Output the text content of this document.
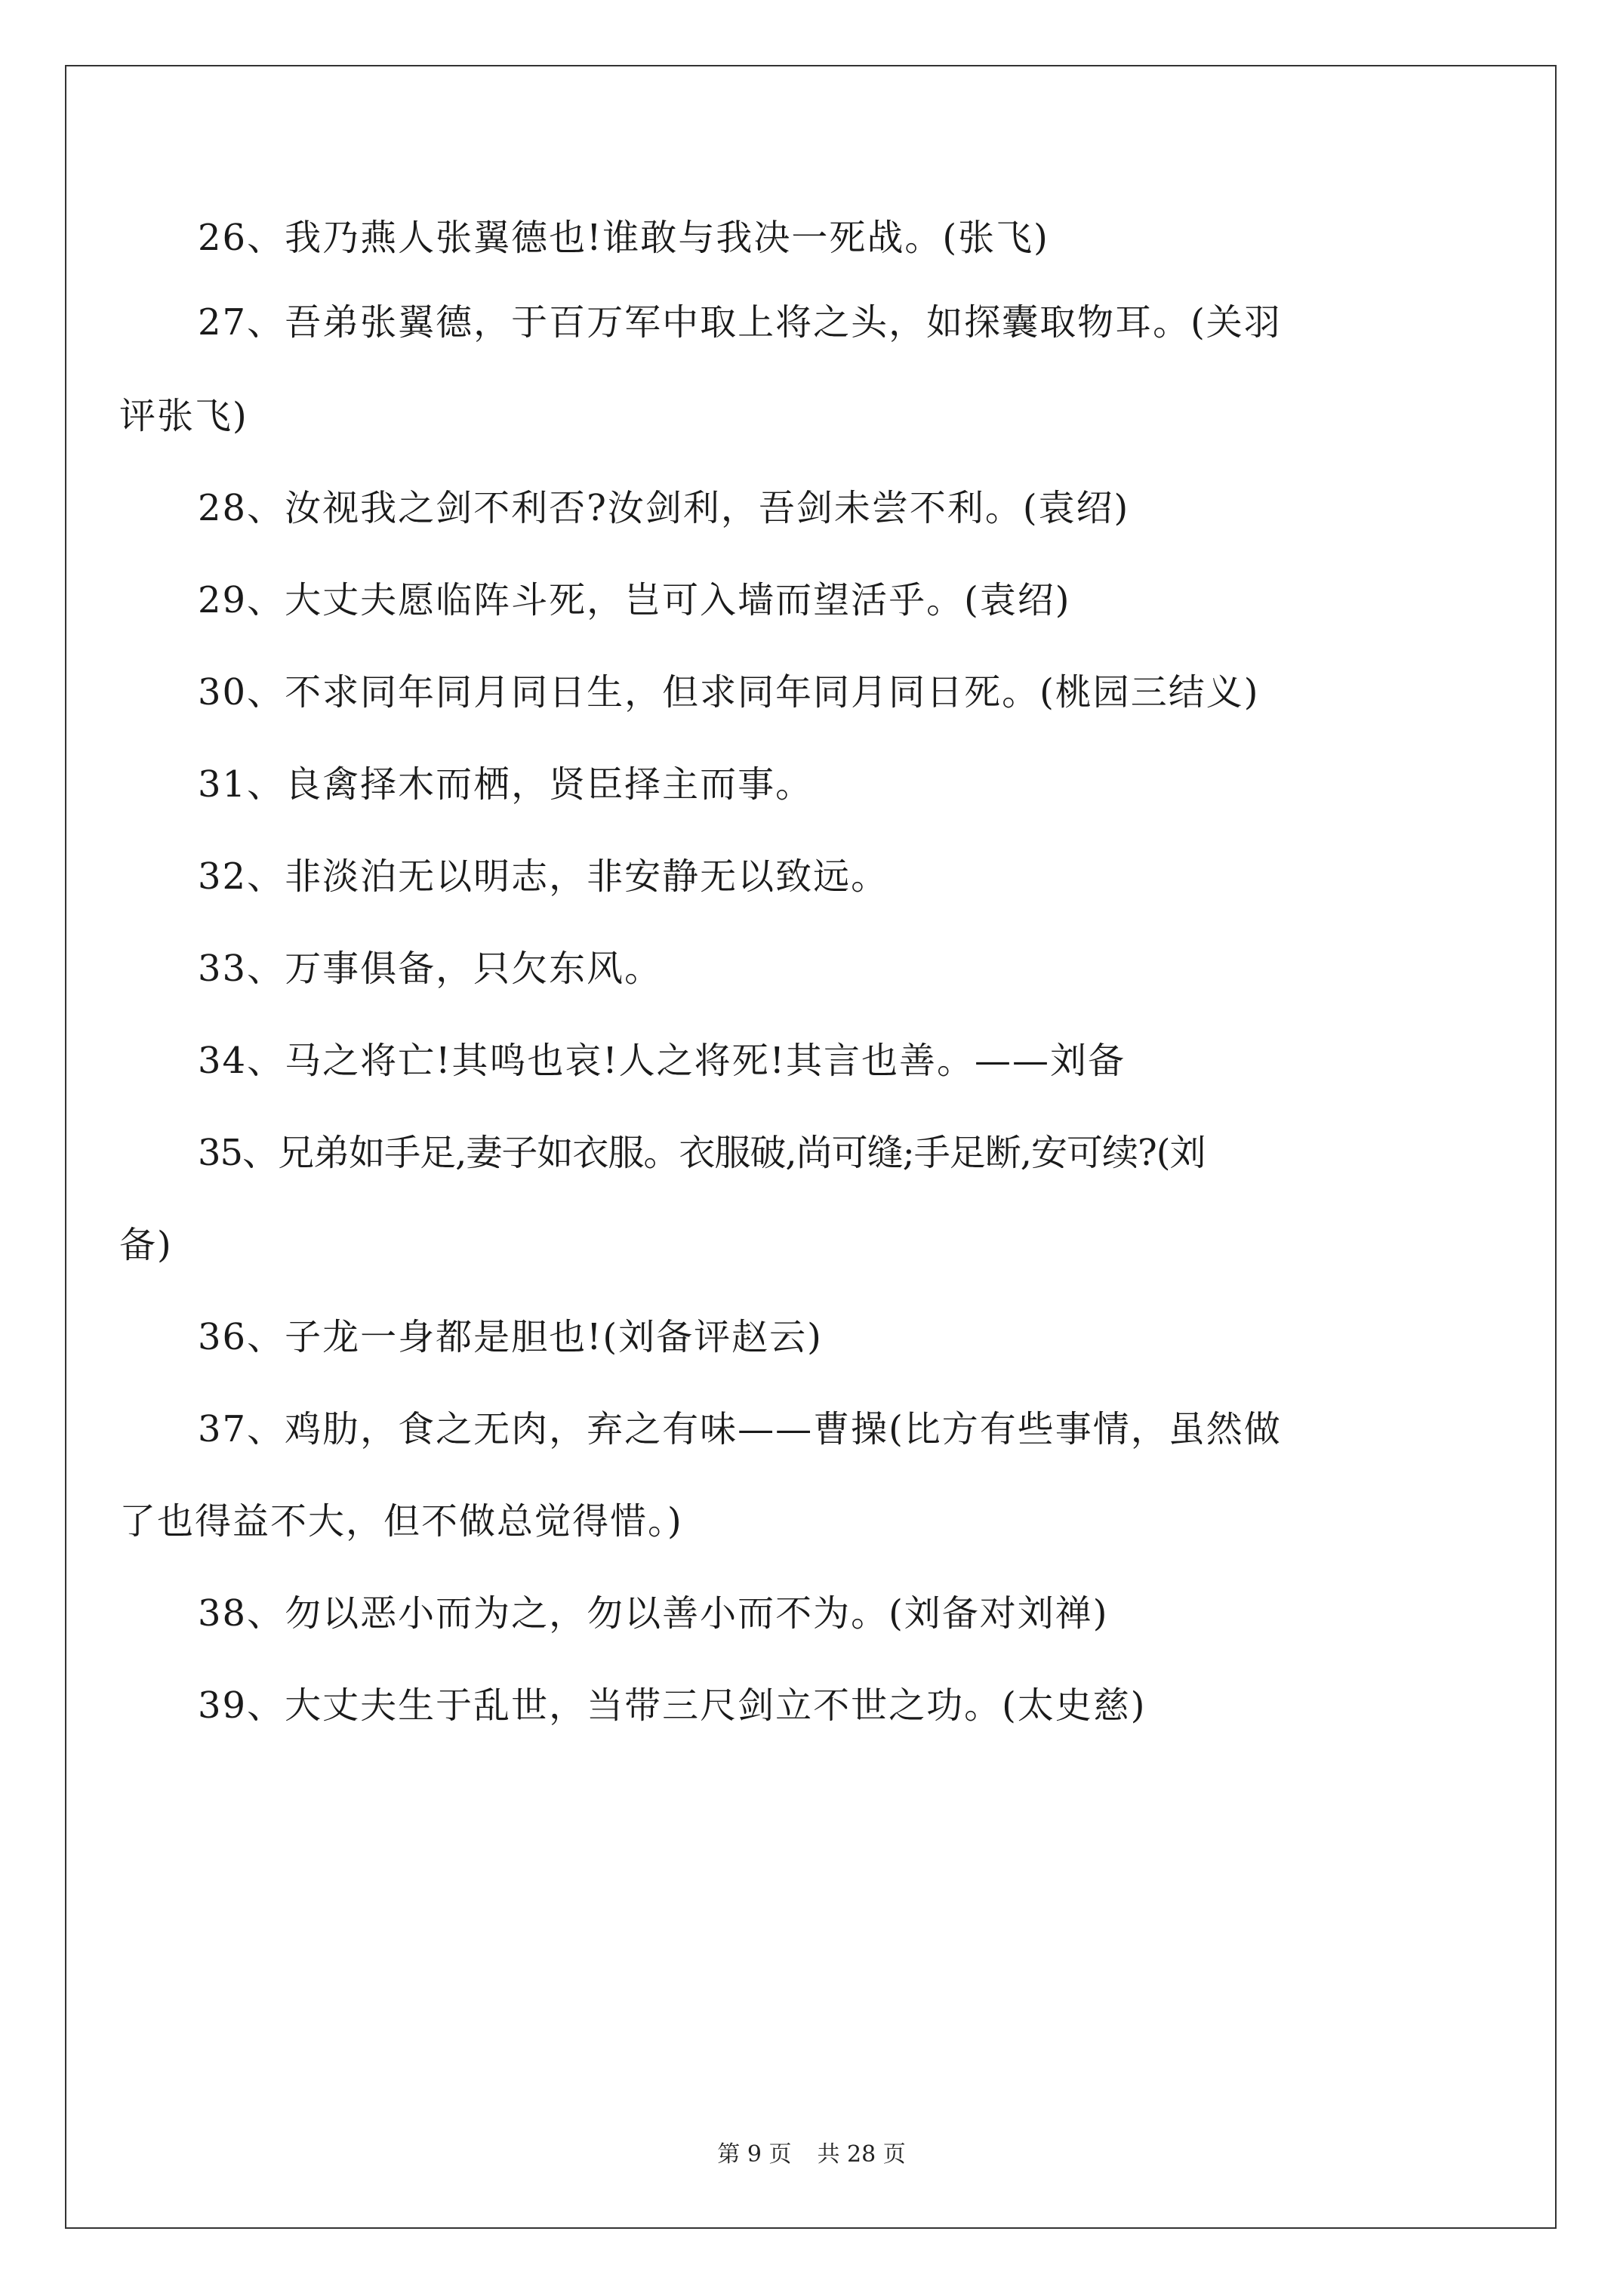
26、我乃燕人张翼德也!谁敢与我决一死战。(张飞)
27、吾弟张翼德，于百万军中取上将之头，如探囊取物耳。(关羽
评张飞)
28、汝视我之剑不利否?汝剑利，吾剑未尝不利。(袁绍)
29、大丈夫愿临阵斗死，岂可入墙而望活乎。(袁绍)
30、不求同年同月同日生，但求同年同月同日死。(桃园三结义)
31、良禽择木而栖，贤臣择主而事。
32、非淡泊无以明志，非安静无以致远。
33、万事俱备，只欠东风。
34、马之将亡!其鸣也哀!人之将死!其言也善。——刘备
35、兄弟如手足,妻子如衣服。衣服破,尚可缝;手足断,安可续?(刘
备)
36、子龙一身都是胆也!(刘备评赵云)
37、鸡肋，食之无肉，弃之有味——曹操(比方有些事情，虽然做
了也得益不大，但不做总觉得惜。)
38、勿以恶小而为之，勿以善小而不为。(刘备对刘禅)
39、大丈夫生于乱世，当带三尺剑立不世之功。(太史慈)
第 9 页 共 28 页
